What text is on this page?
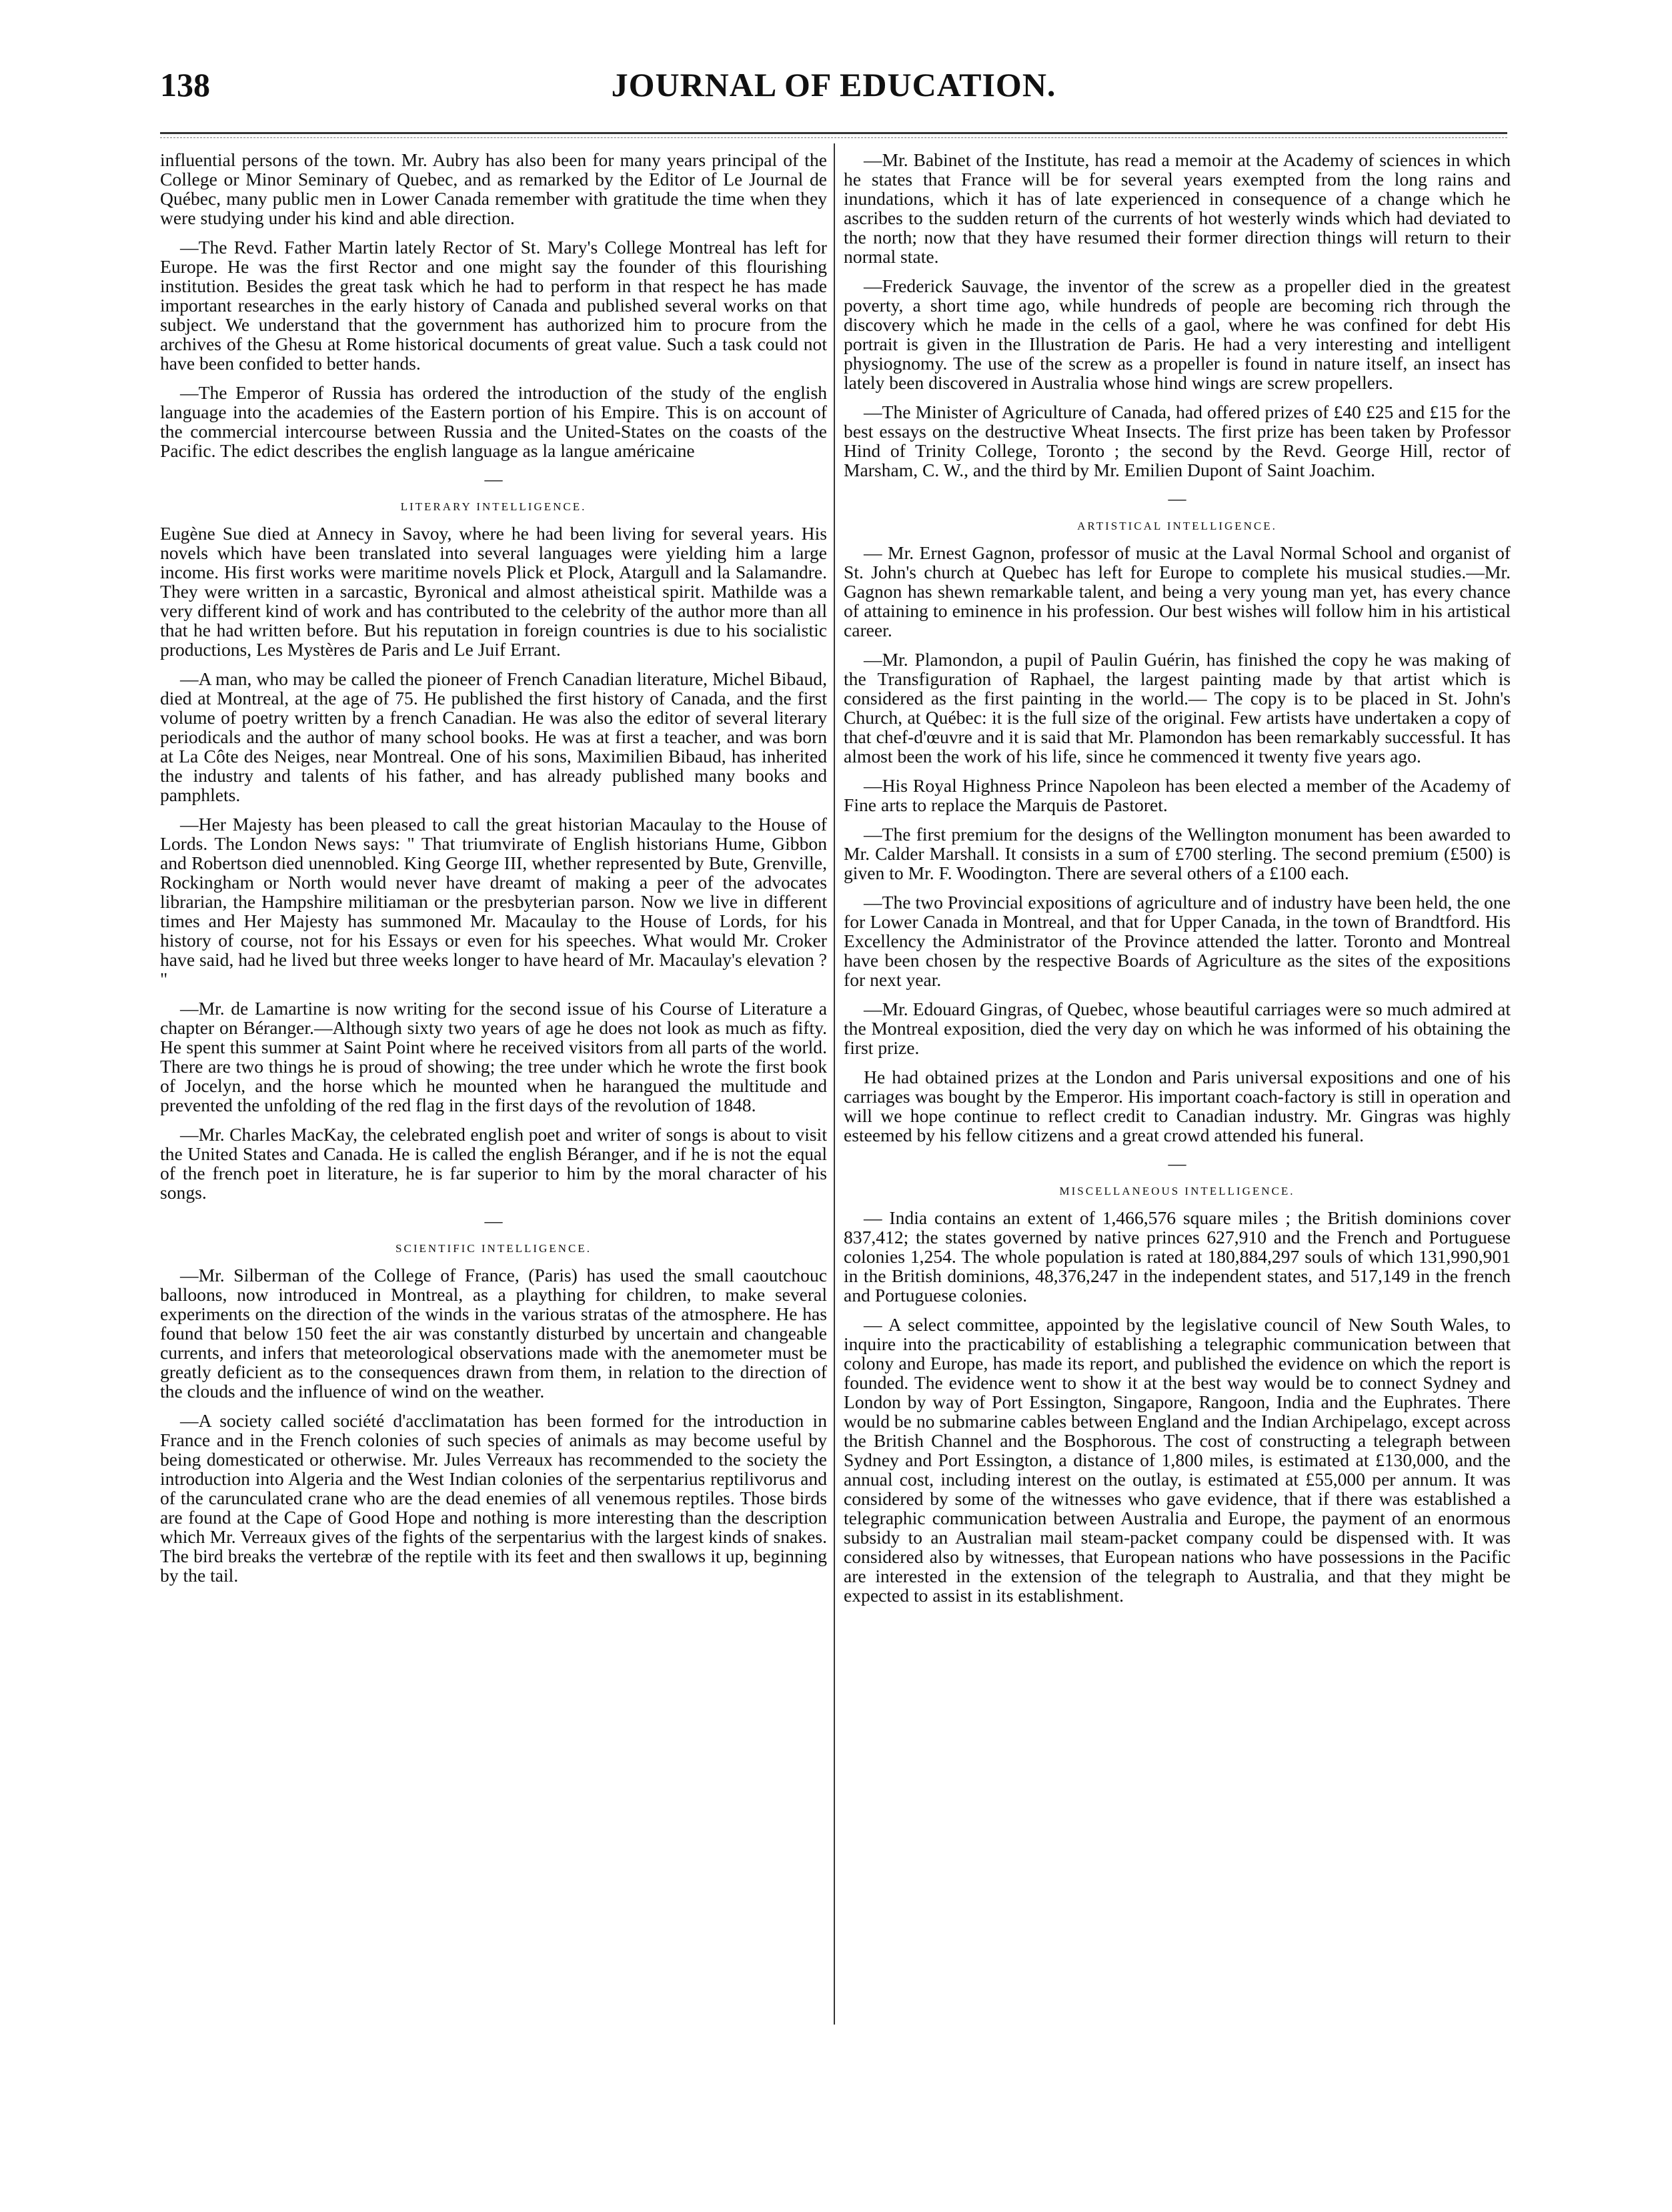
138	JOURNAL OF EDUCATION.

influential persons of the town. Mr. Aubry has also been for many years principal of the College or Minor Seminary of Quebec, and as remarked by the Editor of Le Journal de Québec, many public men in Lower Canada remember with gratitude the time when they were studying under his kind and able direction.

—The Revd. Father Martin lately Rector of St. Mary's College Montreal has left for Europe. He was the first Rector and one might say the founder of this flourishing institution. Besides the great task which he had to perform in that respect he has made important researches in the early history of Canada and published several works on that subject. We understand that the government has authorized him to procure from the archives of the Ghesu at Rome historical documents of great value. Such a task could not have been confided to better hands.

—The Emperor of Russia has ordered the introduction of the study of the english language into the academies of the Eastern portion of his Empire. This is on account of the commercial intercourse between Russia and the United-States on the coasts of the Pacific. The edict describes the english language as la langue américaine

—
LITERARY INTELLIGENCE.

Eugène Sue died at Annecy in Savoy, where he had been living for several years. His novels which have been translated into several languages were yielding him a large income. His first works were maritime novels Plick et Plock, Atargull and la Salamandre. They were written in a sarcastic, Byronical and almost atheistical spirit. Mathilde was a very different kind of work and has contributed to the celebrity of the author more than all that he had written before. But his reputation in foreign countries is due to his socialistic productions, Les Mystères de Paris and Le Juif Errant.

—A man, who may be called the pioneer of French Canadian literature, Michel Bibaud, died at Montreal, at the age of 75. He published the first history of Canada, and the first volume of poetry written by a french Canadian. He was also the editor of several literary periodicals and the author of many school books. He was at first a teacher, and was born at La Côte des Neiges, near Montreal. One of his sons, Maximilien Bibaud, has inherited the industry and talents of his father, and has already published many books and pamphlets.

—Her Majesty has been pleased to call the great historian Macaulay to the House of Lords. The London News says: " That triumvirate of English historians Hume, Gibbon and Robertson died unennobled. King George III, whether represented by Bute, Grenville, Rockingham or North would never have dreamt of making a peer of the advocates librarian, the Hampshire militiaman or the presbyterian parson. Now we live in different times and Her Majesty has summoned Mr. Macaulay to the House of Lords, for his history of course, not for his Essays or even for his speeches. What would Mr. Croker have said, had he lived but three weeks longer to have heard of Mr. Macaulay's elevation ? "

—Mr. de Lamartine is now writing for the second issue of his Course of Literature a chapter on Béranger.—Although sixty two years of age he does not look as much as fifty. He spent this summer at Saint Point where he received visitors from all parts of the world. There are two things he is proud of showing; the tree under which he wrote the first book of Jocelyn, and the horse which he mounted when he harangued the multitude and prevented the unfolding of the red flag in the first days of the revolution of 1848.

—Mr. Charles MacKay, the celebrated english poet and writer of songs is about to visit the United States and Canada. He is called the english Béranger, and if he is not the equal of the french poet in literature, he is far superior to him by the moral character of his songs.

—
SCIENTIFIC INTELLIGENCE.

—Mr. Silberman of the College of France, (Paris) has used the small caoutchouc balloons, now introduced in Montreal, as a plaything for children, to make several experiments on the direction of the winds in the various stratas of the atmosphere. He has found that below 150 feet the air was constantly disturbed by uncertain and changeable currents, and infers that meteorological observations made with the anemometer must be greatly deficient as to the consequences drawn from them, in relation to the direction of the clouds and the influence of wind on the weather.

—A society called société d'acclimatation has been formed for the introduction in France and in the French colonies of such species of animals as may become useful by being domesticated or otherwise. Mr. Jules Verreaux has recommended to the society the introduction into Algeria and the West Indian colonies of the serpentarius reptilivorus and of the carunculated crane who are the dead enemies of all venemous reptiles. Those birds are found at the Cape of Good Hope and nothing is more interesting than the description which Mr. Verreaux gives of the fights of the serpentarius with the largest kinds of snakes. The bird breaks the vertebræ of the reptile with its feet and then swallows it up, beginning by the tail.

—Mr. Babinet of the Institute, has read a memoir at the Academy of sciences in which he states that France will be for several years exempted from the long rains and inundations, which it has of late experienced in consequence of a change which he ascribes to the sudden return of the currents of hot westerly winds which had deviated to the north; now that they have resumed their former direction things will return to their normal state.

—Frederick Sauvage, the inventor of the screw as a propeller died in the greatest poverty, a short time ago, while hundreds of people are becoming rich through the discovery which he made in the cells of a gaol, where he was confined for debt His portrait is given in the Illustration de Paris. He had a very interesting and intelligent physiognomy. The use of the screw as a propeller is found in nature itself, an insect has lately been discovered in Australia whose hind wings are screw propellers.

—The Minister of Agriculture of Canada, had offered prizes of £40 £25 and £15 for the best essays on the destructive Wheat Insects. The first prize has been taken by Professor Hind of Trinity College, Toronto ; the second by the Revd. George Hill, rector of Marsham, C. W., and the third by Mr. Emilien Dupont of Saint Joachim.

—
ARTISTICAL INTELLIGENCE.

— Mr. Ernest Gagnon, professor of music at the Laval Normal School and organist of St. John's church at Quebec has left for Europe to complete his musical studies.—Mr. Gagnon has shewn remarkable talent, and being a very young man yet, has every chance of attaining to eminence in his profession. Our best wishes will follow him in his artistical career.

—Mr. Plamondon, a pupil of Paulin Guérin, has finished the copy he was making of the Transfiguration of Raphael, the largest painting made by that artist which is considered as the first painting in the world.— The copy is to be placed in St. John's Church, at Québec: it is the full size of the original. Few artists have undertaken a copy of that chef-d'œuvre and it is said that Mr. Plamondon has been remarkably successful. It has almost been the work of his life, since he commenced it twenty five years ago.

—His Royal Highness Prince Napoleon has been elected a member of the Academy of Fine arts to replace the Marquis de Pastoret.

—The first premium for the designs of the Wellington monument has been awarded to Mr. Calder Marshall. It consists in a sum of £700 sterling. The second premium (£500) is given to Mr. F. Woodington. There are several others of a £100 each.

—The two Provincial expositions of agriculture and of industry have been held, the one for Lower Canada in Montreal, and that for Upper Canada, in the town of Brandtford. His Excellency the Administrator of the Province attended the latter. Toronto and Montreal have been chosen by the respective Boards of Agriculture as the sites of the expositions for next year.

—Mr. Edouard Gingras, of Quebec, whose beautiful carriages were so much admired at the Montreal exposition, died the very day on which he was informed of his obtaining the first prize.

He had obtained prizes at the London and Paris universal expositions and one of his carriages was bought by the Emperor. His important coach-factory is still in operation and will we hope continue to reflect credit to Canadian industry. Mr. Gingras was highly esteemed by his fellow citizens and a great crowd attended his funeral.

—
MISCELLANEOUS INTELLIGENCE.

— India contains an extent of 1,466,576 square miles ; the British dominions cover 837,412; the states governed by native princes 627,910 and the French and Portuguese colonies 1,254. The whole population is rated at 180,884,297 souls of which 131,990,901 in the British dominions, 48,376,247 in the independent states, and 517,149 in the french and Portuguese colonies.

— A select committee, appointed by the legislative council of New South Wales, to inquire into the practicability of establishing a telegraphic communication between that colony and Europe, has made its report, and published the evidence on which the report is founded. The evidence went to show it at the best way would be to connect Sydney and London by way of Port Essington, Singapore, Rangoon, India and the Euphrates. There would be no submarine cables between England and the Indian Archipelago, except across the British Channel and the Bosphorous. The cost of constructing a telegraph between Sydney and Port Essington, a distance of 1,800 miles, is estimated at £130,000, and the annual cost, including interest on the outlay, is estimated at £55,000 per annum. It was considered by some of the witnesses who gave evidence, that if there was established a telegraphic communication between Australia and Europe, the payment of an enormous subsidy to an Australian mail steam-packet company could be dispensed with. It was considered also by witnesses, that European nations who have possessions in the Pacific are interested in the extension of the telegraph to Australia, and that they might be expected to assist in its establishment.
